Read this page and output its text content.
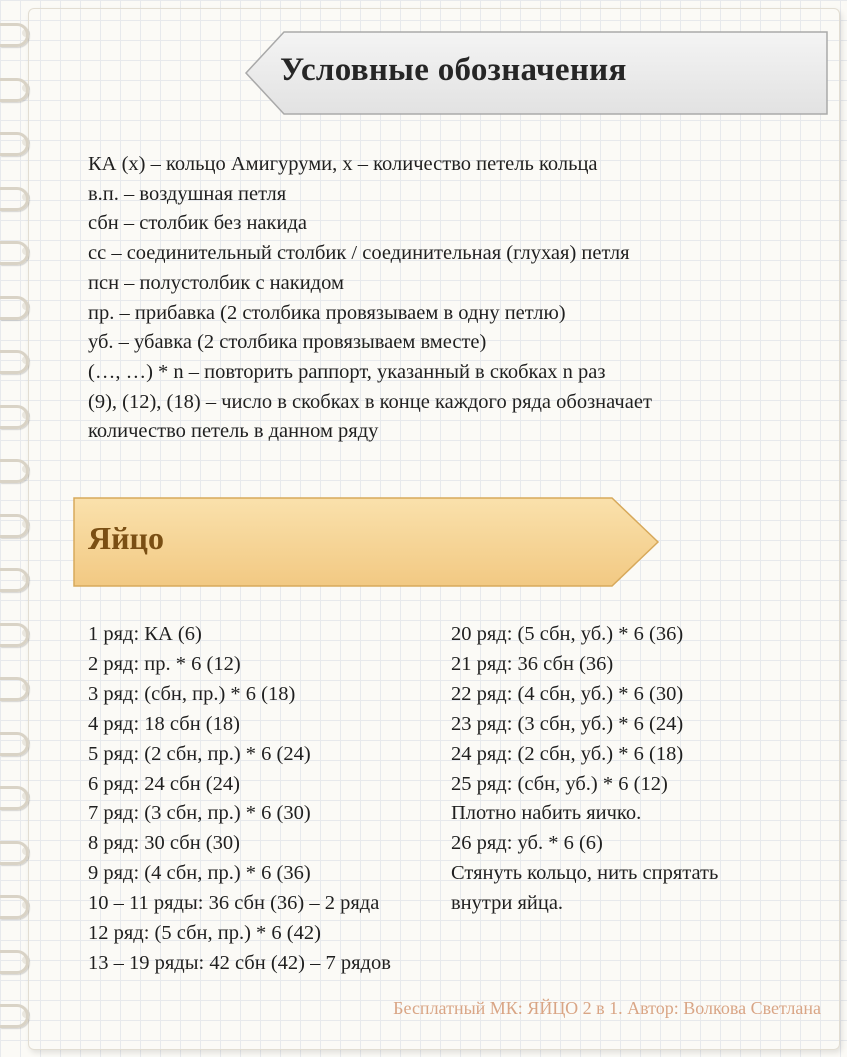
Условные обозначения
КА (x) – кольцо Амигуруми, x – количество петель кольца
в.п. – воздушная петля
сбн – столбик без накида
сс – соединительный столбик / соединительная (глухая) петля
псн – полустолбик с накидом
пр. – прибавка (2 столбика провязываем в одну петлю)
уб. – убавка (2 столбика провязываем вместе)
(…, …) * n – повторить раппорт, указанный в скобках n раз
(9), (12), (18) – число в скобках в конце каждого ряда обозначает
количество петель в данном ряду
Яйцо
1 ряд: КА (6)
2 ряд: пр. * 6 (12)
3 ряд: (сбн, пр.) * 6 (18)
4 ряд: 18 сбн (18)
5 ряд: (2 сбн, пр.) * 6 (24)
6 ряд: 24 сбн (24)
7 ряд: (3 сбн, пр.) * 6 (30)
8 ряд: 30 сбн (30)
9 ряд: (4 сбн, пр.) * 6 (36)
10 – 11 ряды: 36 сбн (36) – 2 ряда
12 ряд: (5 сбн, пр.) * 6 (42)
13 – 19 ряды: 42 сбн (42) – 7 рядов
20 ряд: (5 сбн, уб.) * 6 (36)
21 ряд: 36 сбн (36)
22 ряд: (4 сбн, уб.) * 6 (30)
23 ряд: (3 сбн, уб.) * 6 (24)
24 ряд: (2 сбн, уб.) * 6 (18)
25 ряд: (сбн, уб.) * 6 (12)
Плотно набить яичко.
26 ряд: уб. * 6 (6)
Стянуть кольцо, нить спрятать
внутри яйца.
Бесплатный МК: ЯЙЦО 2 в 1. Автор: Волкова Светлана
